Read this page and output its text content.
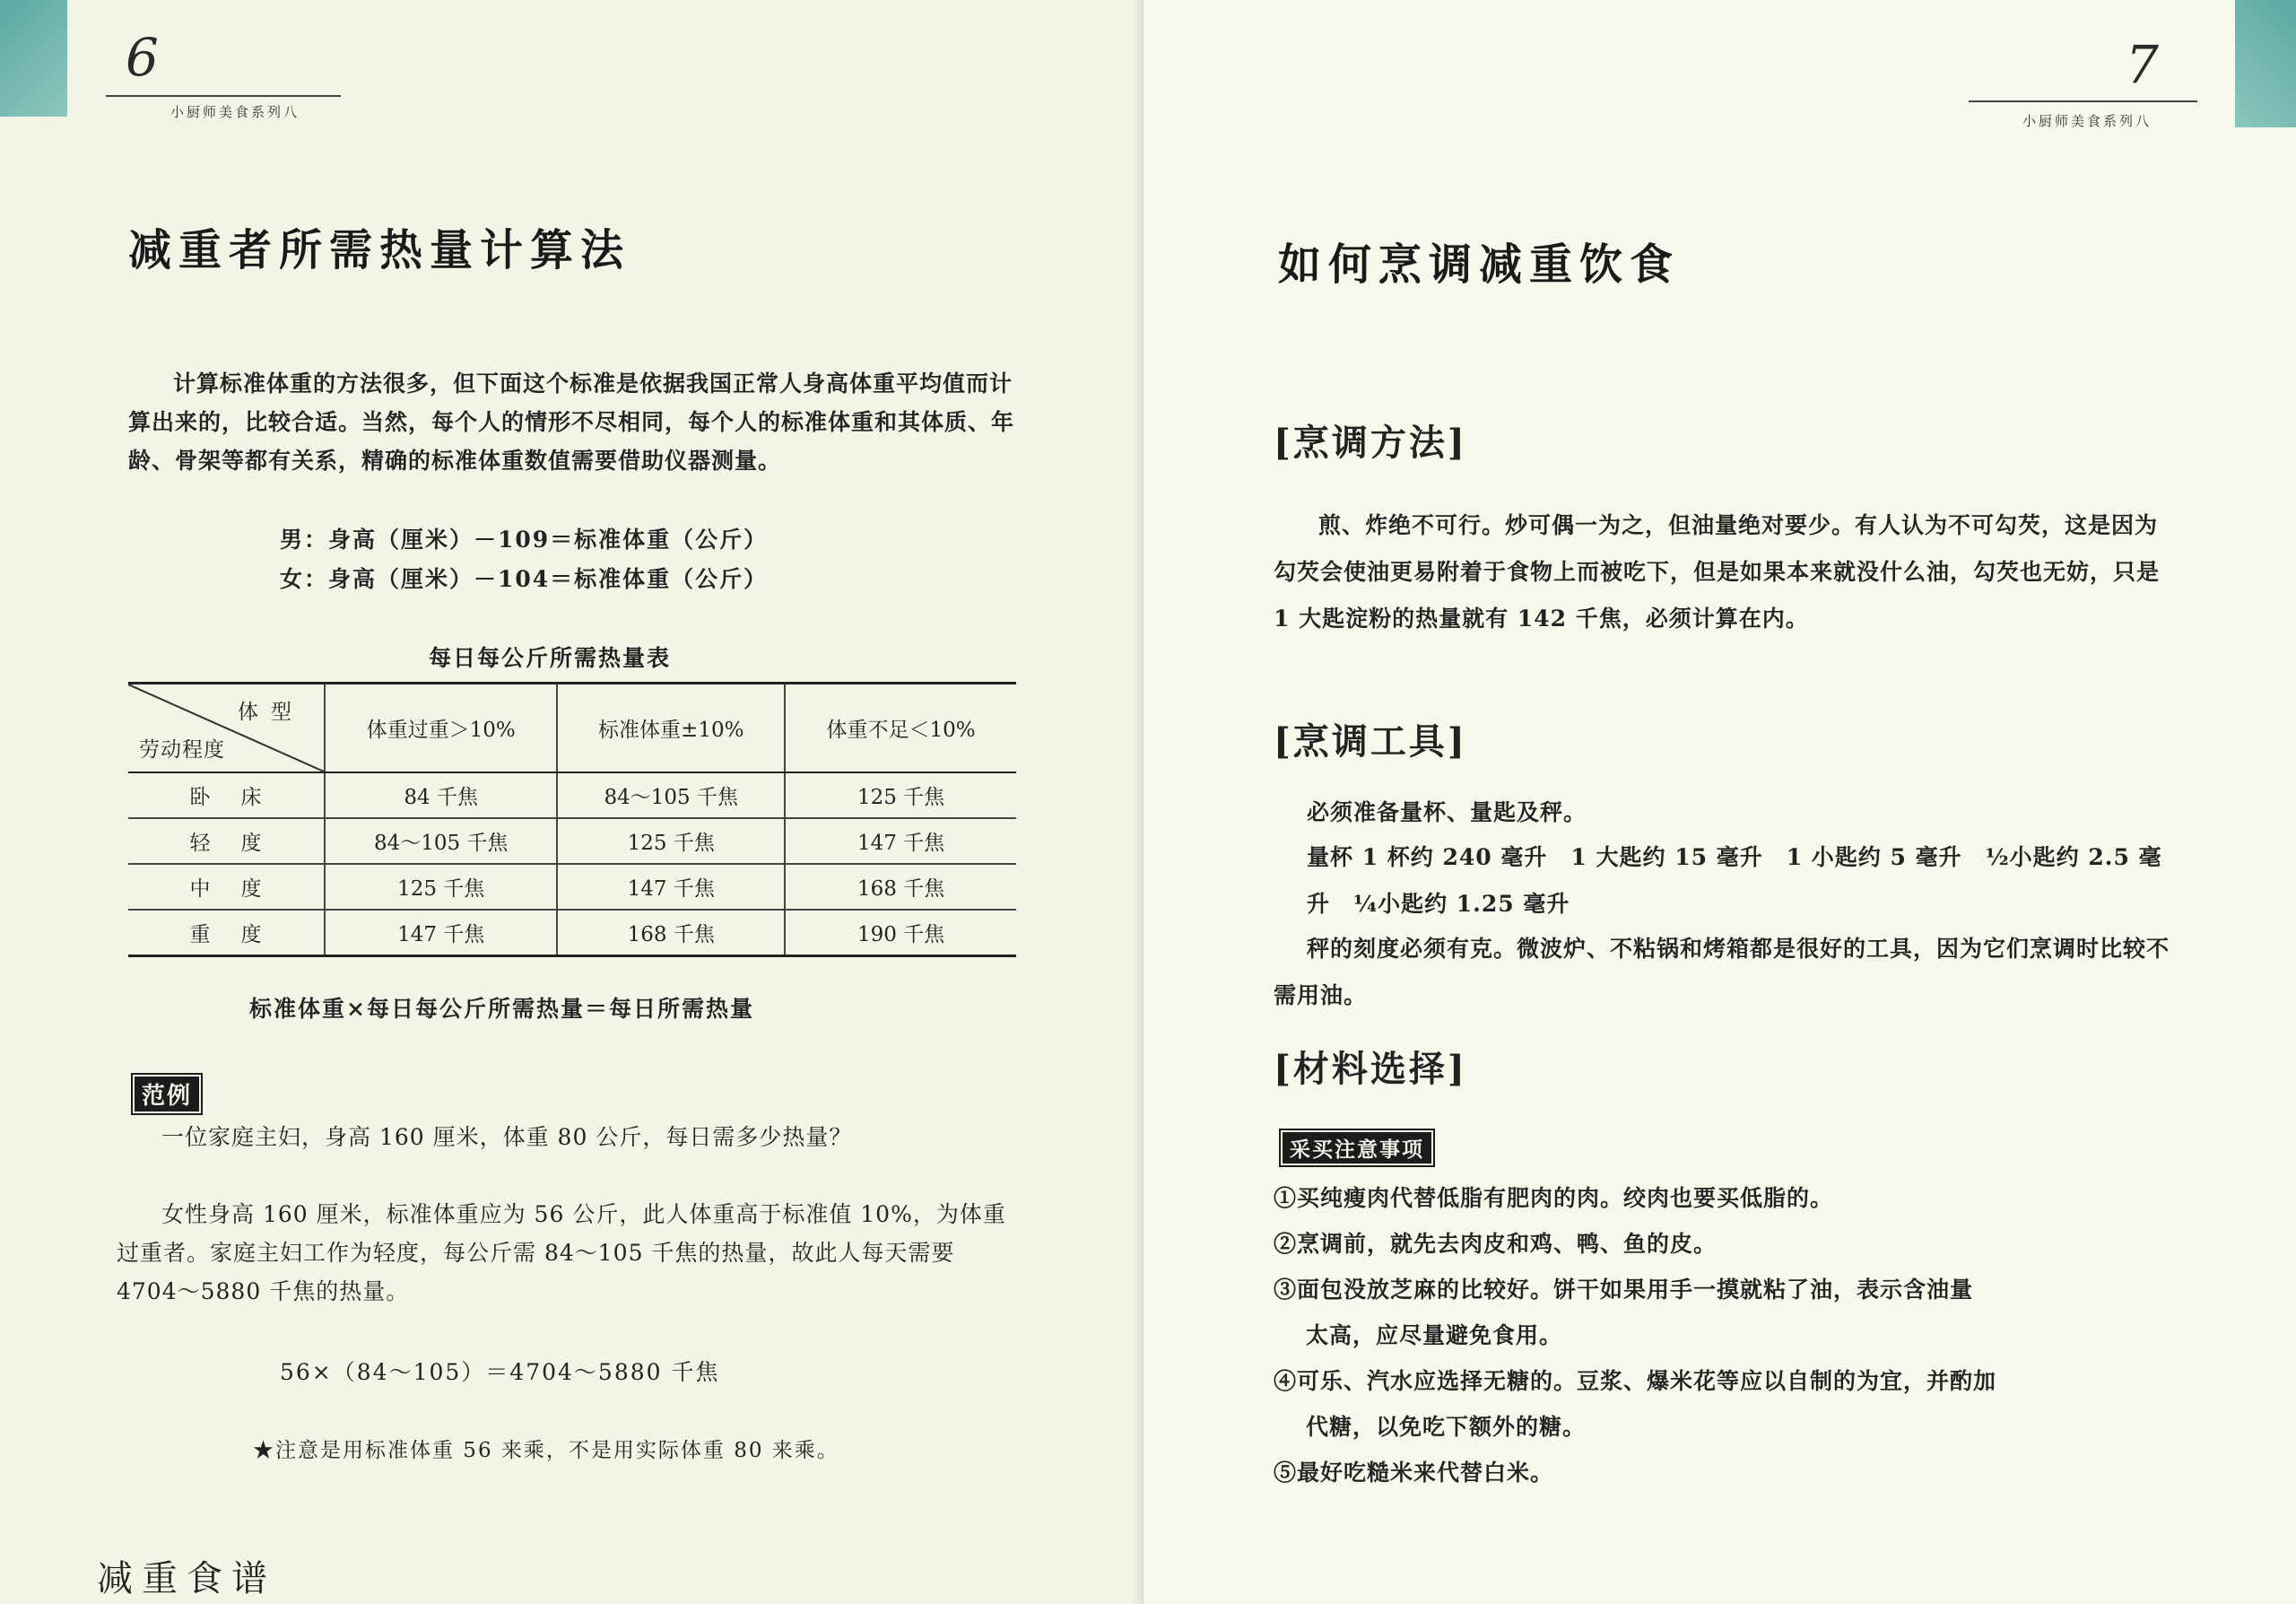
6
小厨师美食系列八
减重者所需热量计算法
计算标准体重的方法很多，但下面这个标准是依据我国正常人身高体重平均值而计算出来的，比较合适。当然，每个人的情形不尽相同，每个人的标准体重和其体质、年龄、骨架等都有关系，精确的标准体重数值需要借助仪器测量。
男：身高（厘米）－109＝标准体重（公斤）
女：身高（厘米）－104＝标准体重（公斤）
每日每公斤所需热量表
体型
劳动程度	体重过重＞10%	标准体重±10%	体重不足＜10%
卧床	84 千焦	84～105 千焦	125 千焦
轻度	84～105 千焦	125 千焦	147 千焦
中度	125 千焦	147 千焦	168 千焦
重度	147 千焦	168 千焦	190 千焦
标准体重×每日每公斤所需热量＝每日所需热量
范例
一位家庭主妇，身高 160 厘米，体重 80 公斤，每日需多少热量？
女性身高 160 厘米，标准体重应为 56 公斤，此人体重高于标准值 10%，为体重过重者。家庭主妇工作为轻度，每公斤需 84～105 千焦的热量，故此人每天需要 4704～5880 千焦的热量。
56×（84～105）＝4704～5880 千焦
★注意是用标准体重 56 来乘，不是用实际体重 80 来乘。
减重食谱
7
小厨师美食系列八
如何烹调减重饮食
[烹调方法]
煎、炸绝不可行。炒可偶一为之，但油量绝对要少。有人认为不可勾芡，这是因为勾芡会使油更易附着于食物上而被吃下，但是如果本来就没什么油，勾芡也无妨，只是 1 大匙淀粉的热量就有 142 千焦，必须计算在内。
[烹调工具]
必须准备量杯、量匙及秤。
量杯 1 杯约 240 毫升　1 大匙约 15 毫升　1 小匙约 5 毫升　½小匙约 2.5 毫升　¼小匙约 1.25 毫升
秤的刻度必须有克。微波炉、不粘锅和烤箱都是很好的工具，因为它们烹调时比较不需用油。
[材料选择]
采买注意事项
①买纯瘦肉代替低脂有肥肉的肉。绞肉也要买低脂的。
②烹调前，就先去肉皮和鸡、鸭、鱼的皮。
③面包没放芝麻的比较好。饼干如果用手一摸就粘了油，表示含油量
太高，应尽量避免食用。
④可乐、汽水应选择无糖的。豆浆、爆米花等应以自制的为宜，并酌加
代糖，以免吃下额外的糖。
⑤最好吃糙米来代替白米。
